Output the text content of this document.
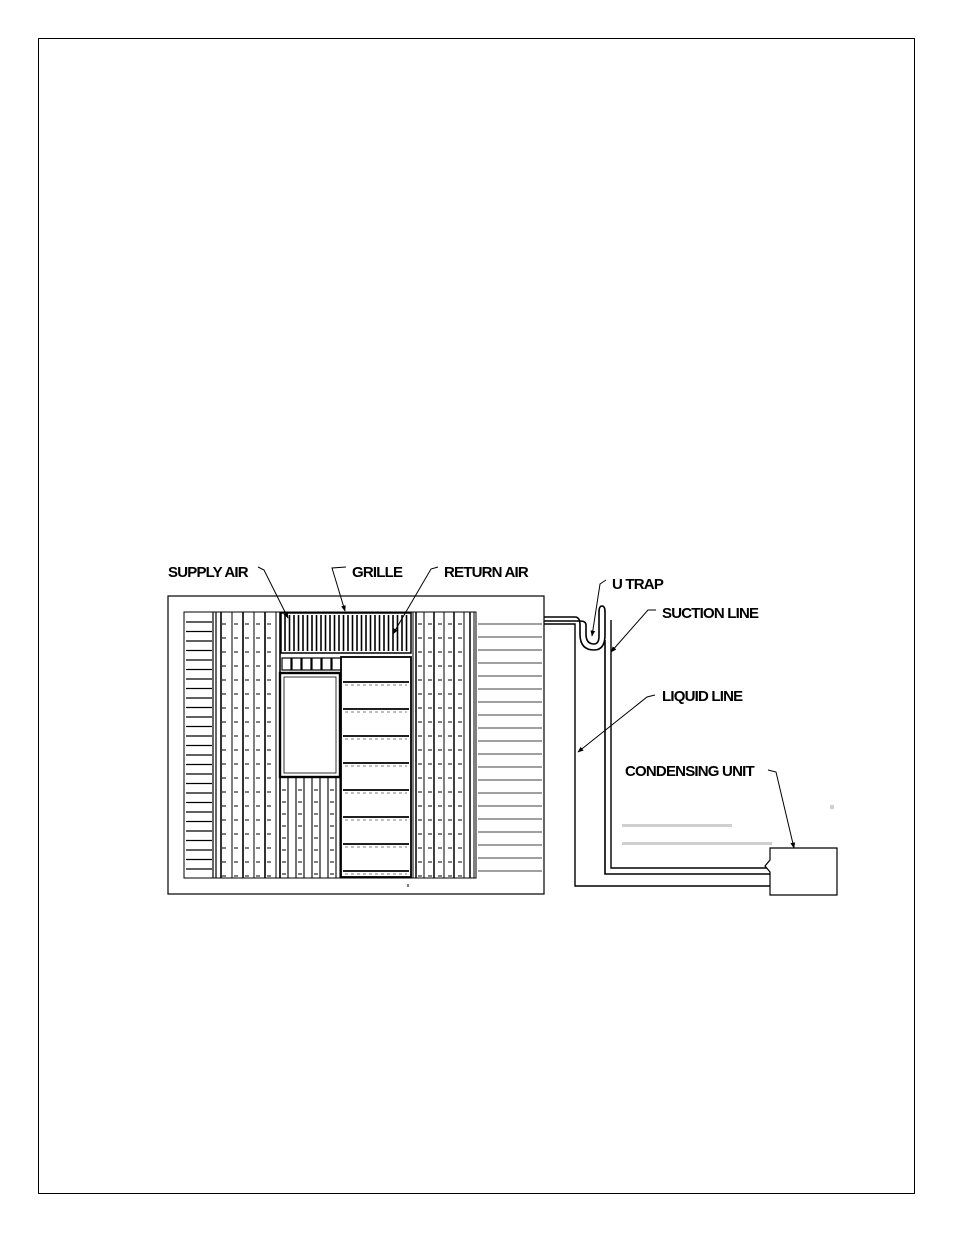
SUPPLY AIR	GRILLE	RETURN AIR
U TRAP
SUCTION LINE
LIQUID LINE
CONDENSING UNIT
